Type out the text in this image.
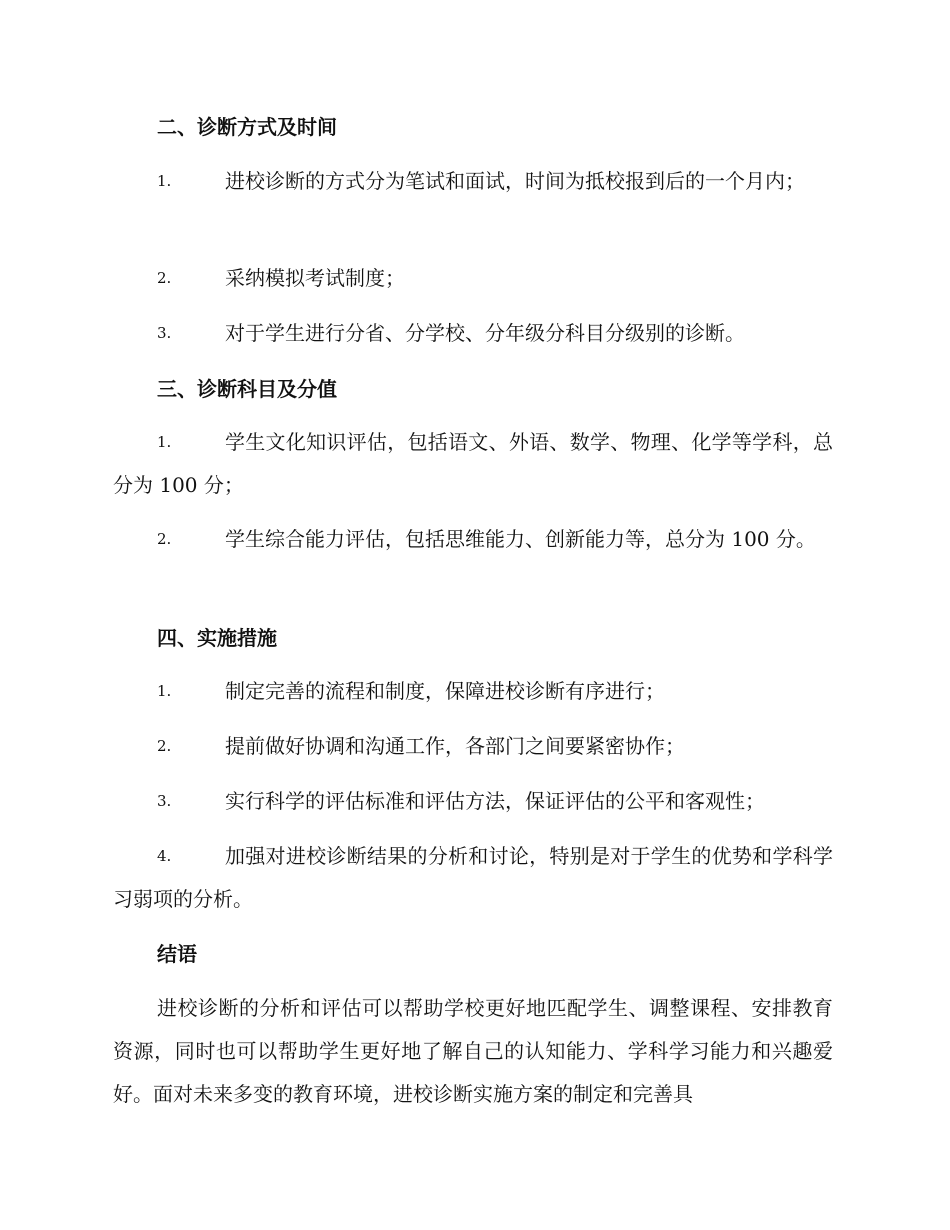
二、诊断方式及时间
1.	进校诊断的方式分为笔试和面试，时间为抵校报到后的一个月内；
2.	采纳模拟考试制度；
3.	对于学生进行分省、分学校、分年级分科目分级别的诊断。
三、诊断科目及分值
1.	学生文化知识评估，包括语文、外语、数学、物理、化学等学科，总分为 100 分；
2.	学生综合能力评估，包括思维能力、创新能力等，总分为 100 分。
四、实施措施
1.	制定完善的流程和制度，保障进校诊断有序进行；
2.	提前做好协调和沟通工作，各部门之间要紧密协作；
3.	实行科学的评估标准和评估方法，保证评估的公平和客观性；
4.	加强对进校诊断结果的分析和讨论，特别是对于学生的优势和学科学习弱项的分析。
结语
进校诊断的分析和评估可以帮助学校更好地匹配学生、调整课程、安排教育资源，同时也可以帮助学生更好地了解自己的认知能力、学科学习能力和兴趣爱好。面对未来多变的教育环境，进校诊断实施方案的制定和完善具
